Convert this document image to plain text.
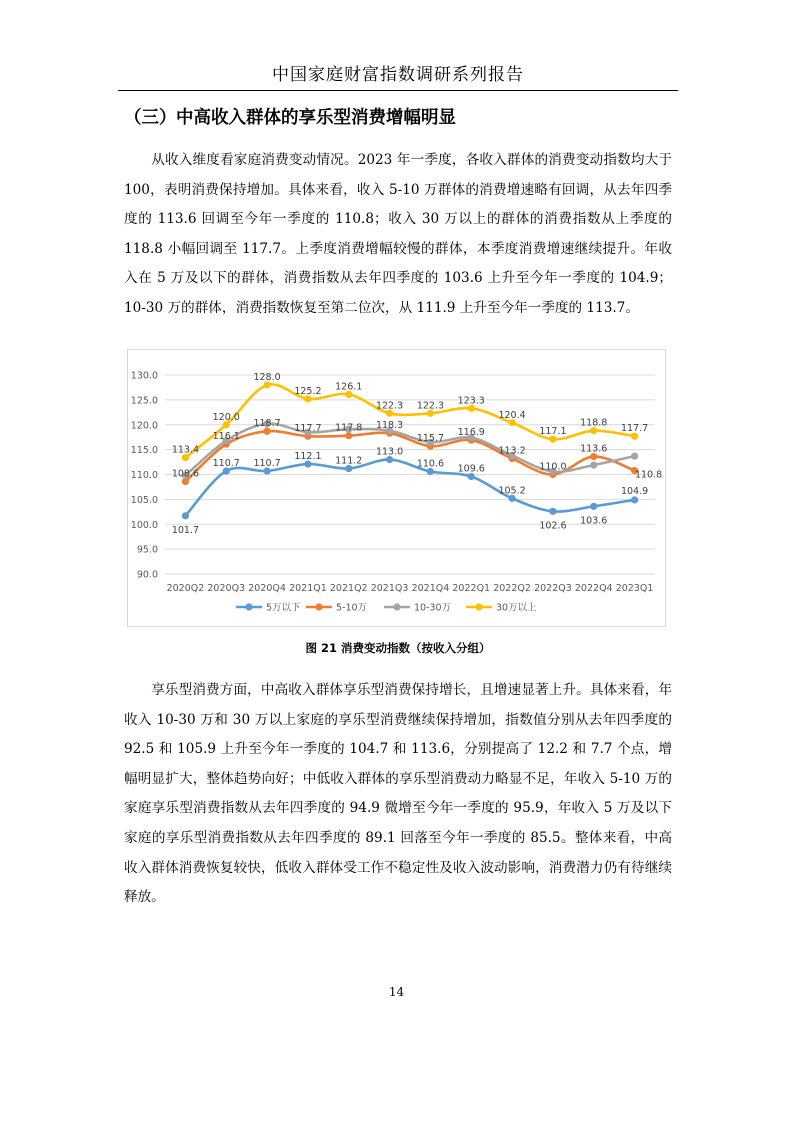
中国家庭财富指数调研系列报告
（三）中高收入群体的享乐型消费增幅明显

从收入维度看家庭消费变动情况。2023 年一季度，各收入群体的消费变动指数均大于 100，表明消费保持增加。具体来看，收入 5-10 万群体的消费增速略有回调，从去年四季度的 113.6 回调至今年一季度的 110.8；收入 30 万以上的群体的消费指数从上季度的 118.8 小幅回调至 117.7。上季度消费增幅较慢的群体，本季度消费增速继续提升。年收入在 5 万及以下的群体，消费指数从去年四季度的 103.6 上升至今年一季度的 104.9；10-30 万的群体，消费指数恢复至第二位次，从 111.9 上升至今年一季度的 113.7。

90.0
95.0
100.0
105.0
110.0
115.0
120.0
125.0
130.0
2020Q2 2020Q3 2020Q4 2021Q1 2021Q2 2021Q3 2021Q4 2022Q1 2022Q2 2022Q3 2022Q4 2023Q1
101.7
110.7 110.7
112.1 111.2
113.0
110.6 109.6
105.2
102.6 103.6
104.9
108.6
116.1
118.7 117.7 117.8 118.3
115.7
116.9
113.2
110.0
113.6
110.8
113.4
120.0
128.0
125.2 126.1
122.3 122.3 123.3
120.4
117.1
118.8 117.7
5万以下	5-10万	10-30万	30万以上
图 21 消费变动指数（按收入分组）

享乐型消费方面，中高收入群体享乐型消费保持增长，且增速显著上升。具体来看，年收入 10-30 万和 30 万以上家庭的享乐型消费继续保持增加，指数值分别从去年四季度的 92.5 和 105.9 上升至今年一季度的 104.7 和 113.6，分别提高了 12.2 和 7.7 个点，增幅明显扩大，整体趋势向好；中低收入群体的享乐型消费动力略显不足，年收入 5-10 万的家庭享乐型消费指数从去年四季度的 94.9 微增至今年一季度的 95.9，年收入 5 万及以下家庭的享乐型消费指数从去年四季度的 89.1 回落至今年一季度的 85.5。整体来看，中高收入群体消费恢复较快，低收入群体受工作不稳定性及收入波动影响，消费潜力仍有待继续释放。

14
